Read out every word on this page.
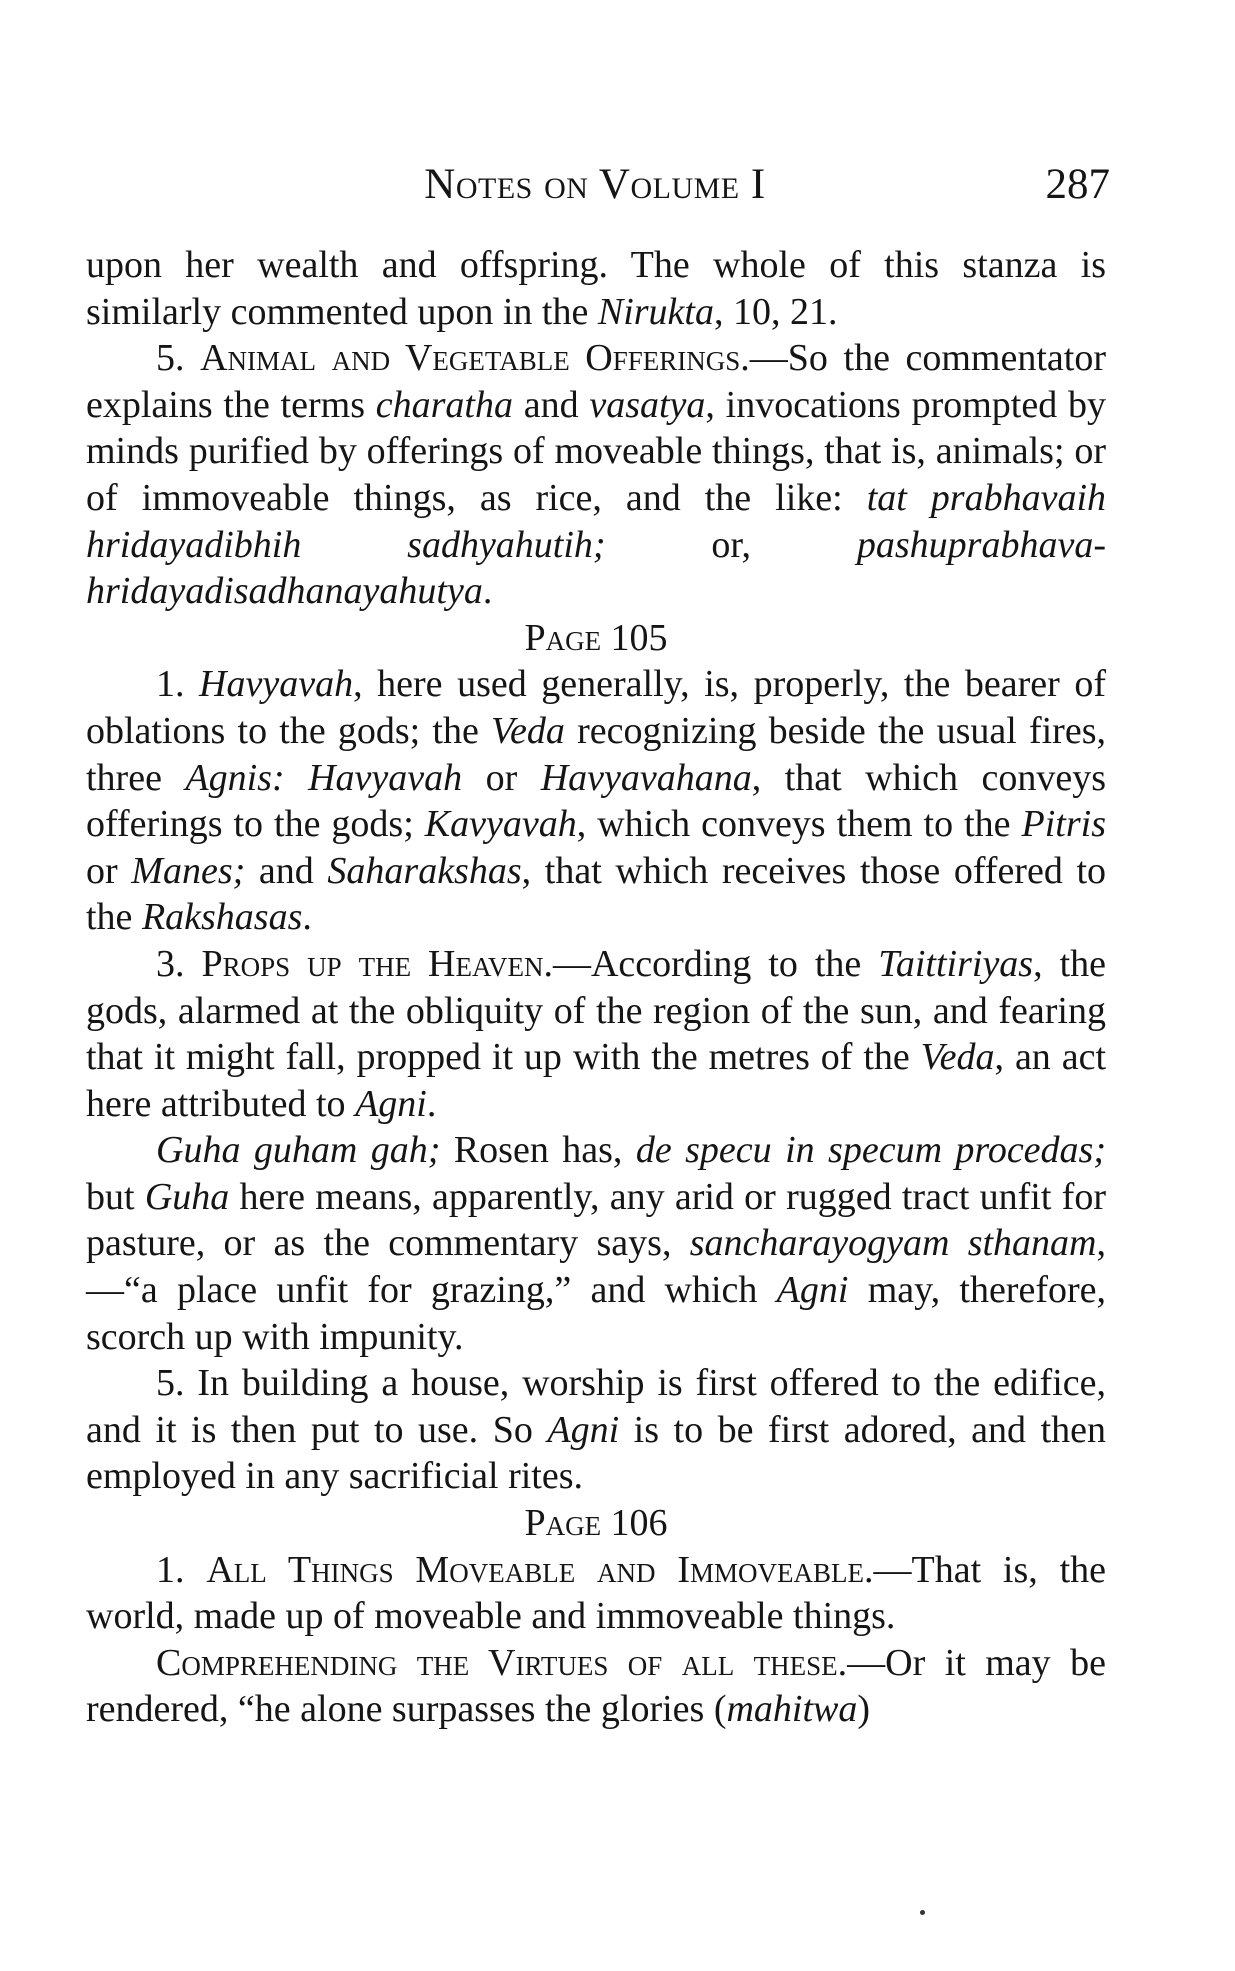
Notes on Volume I	287

upon her wealth and offspring. The whole of this stanza is similarly commented upon in the Nirukta, 10, 21.

5. Animal and Vegetable Offerings.—So the commentator explains the terms charatha and vasatya, invocations prompted by minds purified by offerings of moveable things, that is, animals; or of immoveable things, as rice, and the like: tat prabhavaih hridayadibhih sadhyahutih; or, pashuprabhava-hridayadisadhanayahutya.

Page 105

1. Havyavah, here used generally, is, properly, the bearer of oblations to the gods; the Veda recognizing beside the usual fires, three Agnis: Havyavah or Havyavahana, that which conveys offerings to the gods; Kavyavah, which conveys them to the Pitris or Manes; and Saharakshas, that which receives those offered to the Rakshasas.

3. Props up the Heaven.—According to the Taittiriyas, the gods, alarmed at the obliquity of the region of the sun, and fearing that it might fall, propped it up with the metres of the Veda, an act here attributed to Agni.

Guha guham gah; Rosen has, de specu in specum procedas; but Guha here means, apparently, any arid or rugged tract unfit for pasture, or as the commentary says, sancharayogyam sthanam,—“a place unfit for grazing,” and which Agni may, therefore, scorch up with impunity.

5. In building a house, worship is first offered to the edifice, and it is then put to use. So Agni is to be first adored, and then employed in any sacrificial rites.

Page 106

1. All Things Moveable and Immoveable.—That is, the world, made up of moveable and immoveable things.

Comprehending the Virtues of all these.—Or it may be rendered, “he alone surpasses the glories (mahitwa)
